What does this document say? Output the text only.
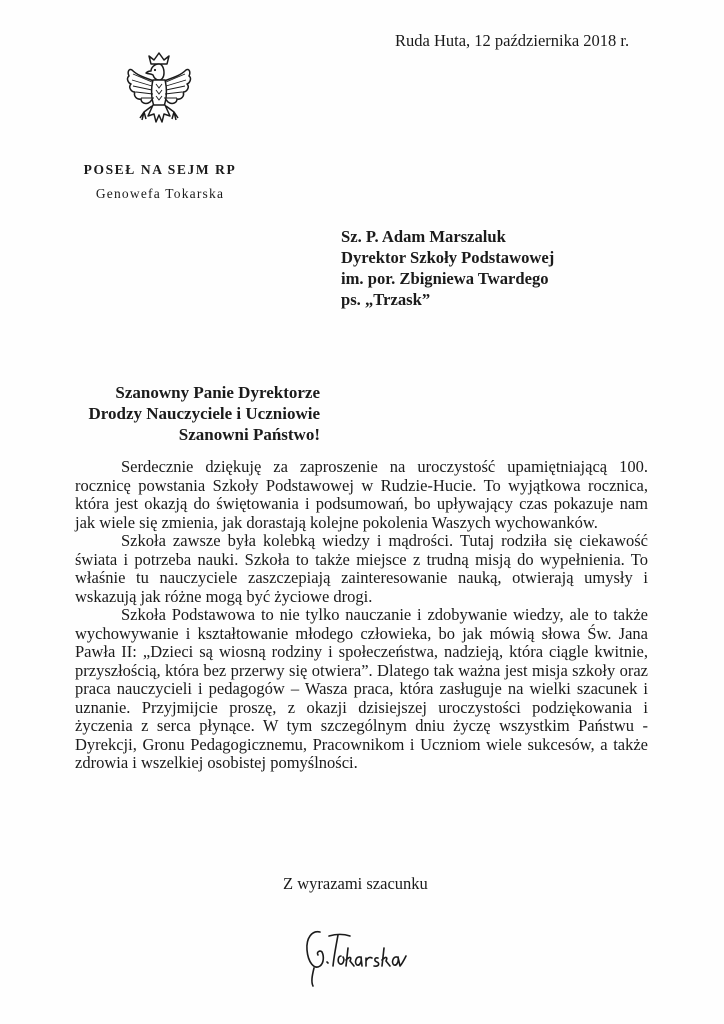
Ruda Huta, 12 października 2018 r.
POSEŁ NA SEJM RP
Genowefa Tokarska
Sz. P. Adam Marszaluk
Dyrektor Szkoły Podstawowej
im. por. Zbigniewa Twardego
ps. „Trzask”
Szanowny Panie Dyrektorze
Drodzy Nauczyciele i Uczniowie
Szanowni Państwo!

Serdecznie dziękuję za zaproszenie na uroczystość upamiętniającą 100. rocznicę powstania Szkoły Podstawowej w Rudzie-Hucie. To wyjątkowa rocznica, która jest okazją do świętowania i podsumowań, bo upływający czas pokazuje nam jak wiele się zmienia, jak dorastają kolejne pokolenia Waszych wychowanków.

Szkoła zawsze była kolebką wiedzy i mądrości. Tutaj rodziła się ciekawość świata i potrzeba nauki. Szkoła to także miejsce z trudną misją do wypełnienia. To właśnie tu nauczyciele zaszczepiają zainteresowanie nauką, otwierają umysły i wskazują jak różne mogą być życiowe drogi.

Szkoła Podstawowa to nie tylko nauczanie i zdobywanie wiedzy, ale to także wychowywanie i kształtowanie młodego człowieka, bo jak mówią słowa Św. Jana Pawła II: „Dzieci są wiosną rodziny i społeczeństwa, nadzieją, która ciągle kwitnie, przyszłością, która bez przerwy się otwiera”. Dlatego tak ważna jest misja szkoły oraz praca nauczycieli i pedagogów – Wasza praca, która zasługuje na wielki szacunek i uznanie. Przyjmijcie proszę, z okazji dzisiejszej uroczystości podziękowania i życzenia z serca płynące. W tym szczególnym dniu życzę wszystkim Państwu - Dyrekcji, Gronu Pedagogicznemu, Pracownikom i Uczniom wiele sukcesów, a także zdrowia i wszelkiej osobistej pomyślności.

Z wyrazami szacunku
